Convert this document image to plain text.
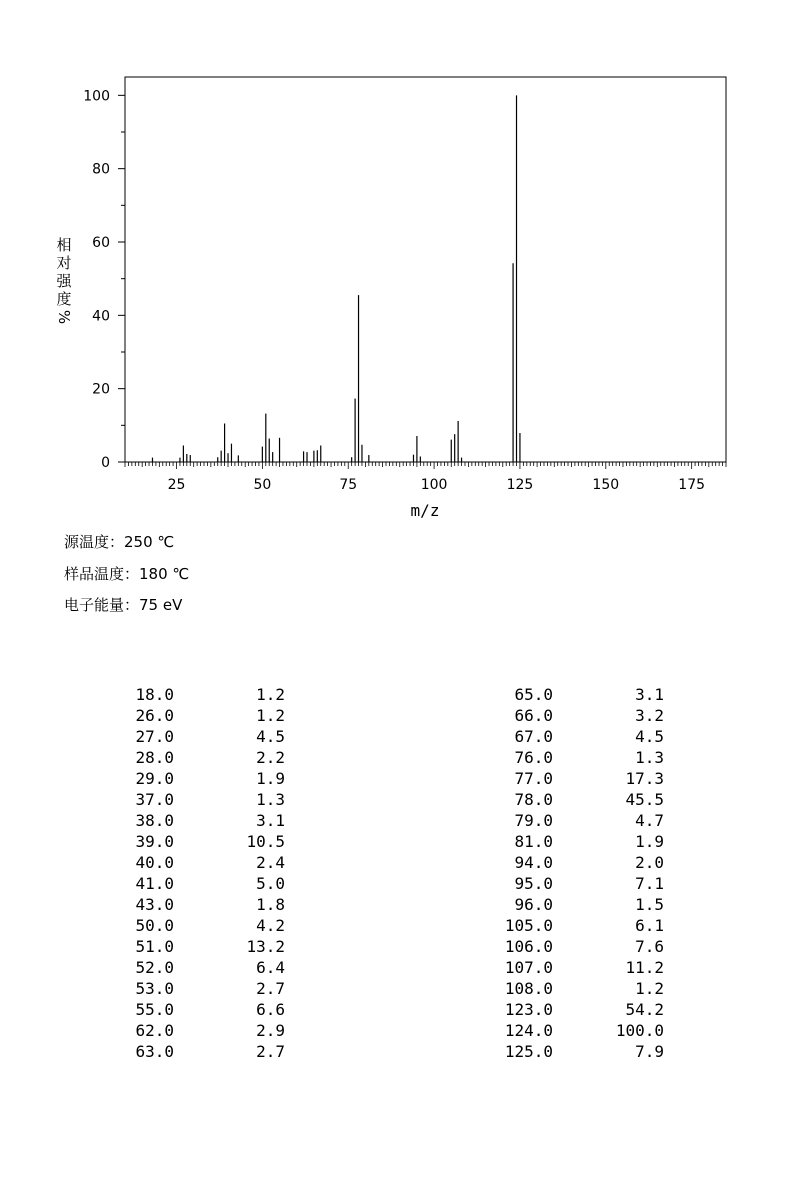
25	50	75	100	125	150	175
0
20
40
60
80
100
m/z
相
对
强
度
%
源温度：250 ℃
样品温度：180 ℃
电子能量：75 eV
18.0	1.2
26.0	1.2
27.0	4.5
28.0	2.2
29.0	1.9
37.0	1.3
38.0	3.1
39.0	10.5
40.0	2.4
41.0	5.0
43.0	1.8
50.0	4.2
51.0	13.2
52.0	6.4
53.0	2.7
55.0	6.6
62.0	2.9
63.0	2.7
65.0	3.1
66.0	3.2
67.0	4.5
76.0	1.3
77.0	17.3
78.0	45.5
79.0	4.7
81.0	1.9
94.0	2.0
95.0	7.1
96.0	1.5
105.0	6.1
106.0	7.6
107.0	11.2
108.0	1.2
123.0	54.2
124.0	100.0
125.0	7.9
